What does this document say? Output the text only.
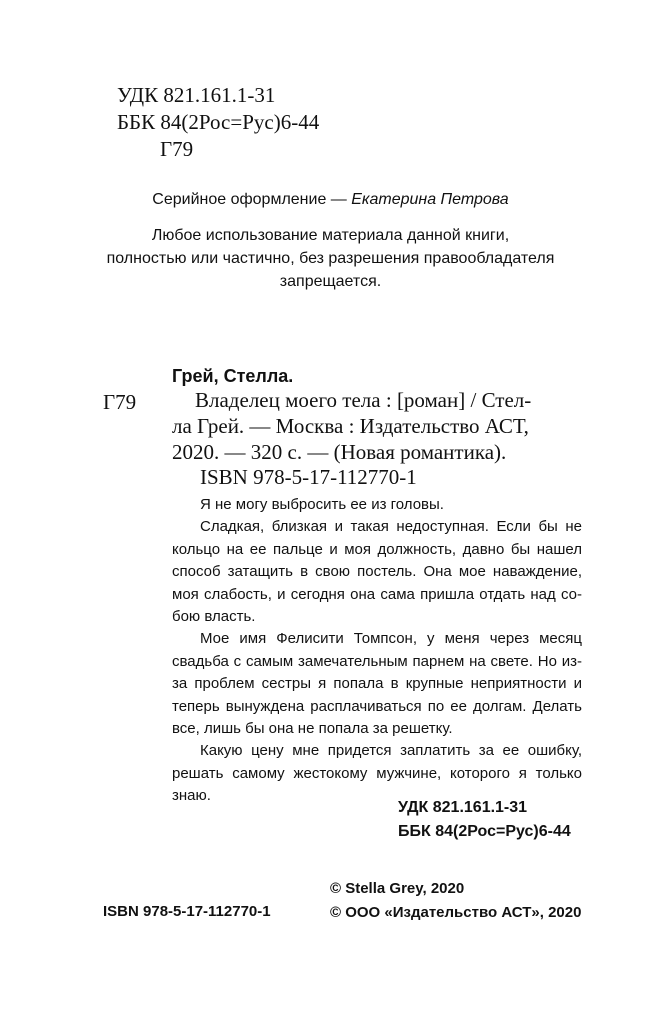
УДК 821.161.1-31
ББК 84(2Рос=Рус)6-44
Г79
Серийное оформление — Екатерина Петрова
Любое использование материала данной книги,
полностью или частично, без разрешения правообладателя
запрещается.
Грей, Стелла.
Г79	Владелец моего тела : [роман] / Стел-
ла Грей. — Москва : Издательство АСТ,
2020. — 320 с. — (Новая романтика).
ISBN 978-5-17-112770-1
Я не могу выбросить ее из головы.
Сладкая, близкая и такая недоступная. Если бы не
кольцо на ее пальце и моя должность, давно бы нашел
способ затащить в свою постель. Она мое наваждение,
моя слабость, и сегодня она сама пришла отдать над со-
бою власть.
Мое имя Фелисити Томпсон, у меня через месяц
свадьба с самым замечательным парнем на свете. Но из-
за проблем сестры я попала в крупные неприятности и
теперь вынуждена расплачиваться по ее долгам. Делать
все, лишь бы она не попала за решетку.
Какую цену мне придется заплатить за ее ошибку,
решать самому жестокому мужчине, которого я только
знаю.
УДК 821.161.1-31
ББК 84(2Рос=Рус)6-44
© Stella Grey, 2020
© ООО «Издательство АСТ», 2020
ISBN 978-5-17-112770-1
